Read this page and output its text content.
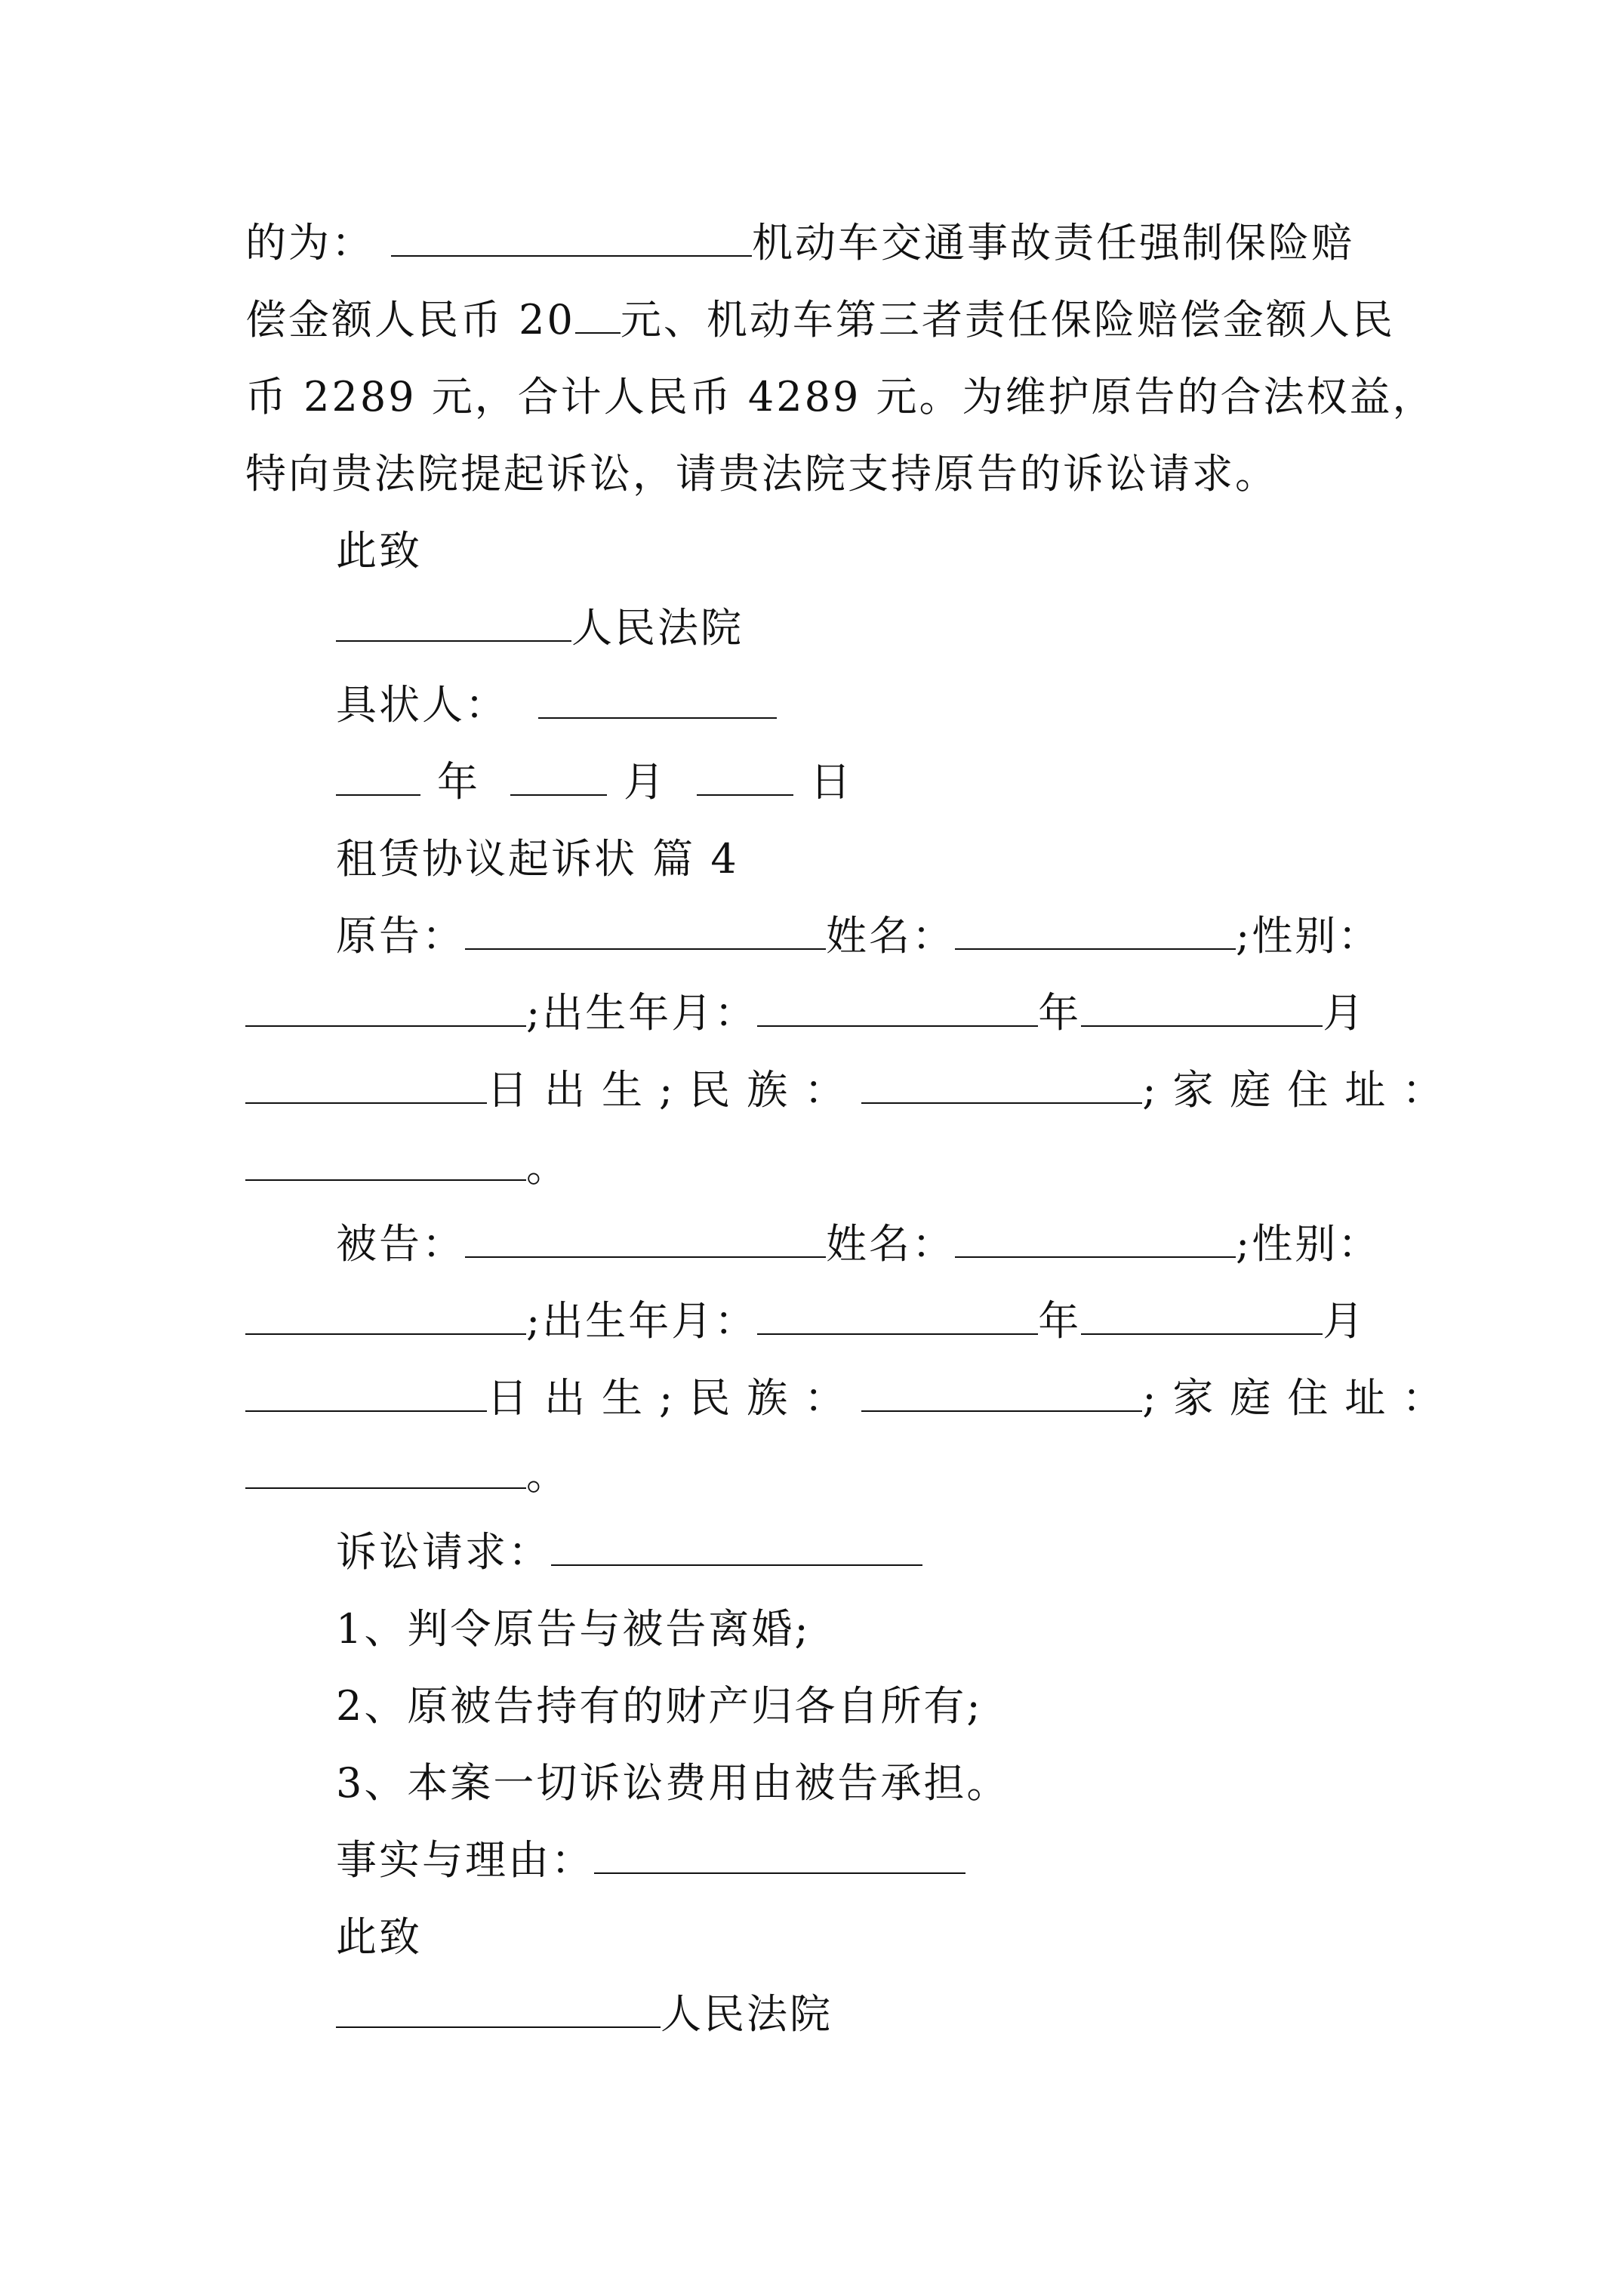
的为：	机动车交通事故责任强制保险赔
偿金额人民币 20 元、机动车第三者责任保险赔偿金额人民
币 2289 元，合计人民币 4289 元。为维护原告的合法权益，
特向贵法院提起诉讼，请贵法院支持原告的诉讼请求。
此致
人民法院
具状人：
年	月	日
租赁协议起诉状 篇 4
原告：	姓名：	;性别：
;出生年月：	年	月
日出生;民族：	;家庭住址：
。
被告：	姓名：	;性别：
;出生年月：	年	月
日出生;民族：	;家庭住址：
。
诉讼请求：
1、判令原告与被告离婚;
2、原被告持有的财产归各自所有;
3、本案一切诉讼费用由被告承担。
事实与理由：
此致
人民法院
